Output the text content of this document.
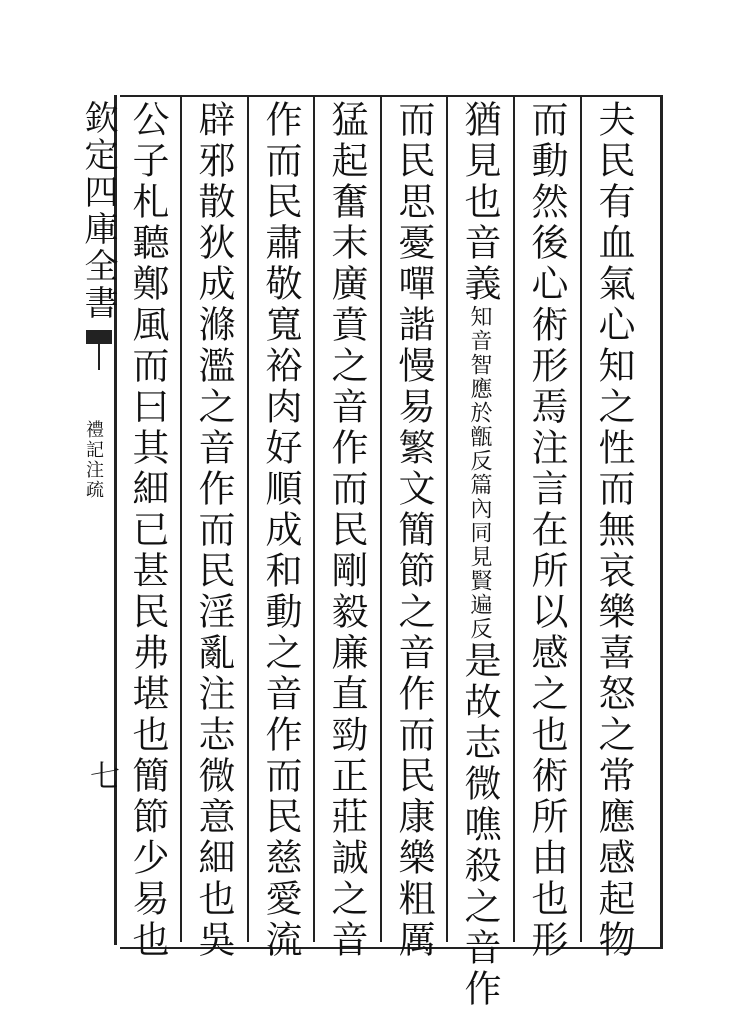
欽定四庫全書
禮記注疏
七	夫民有血氣心知之性而無哀樂喜怒之常應感起物
而動然後心術形焉注言在所以感之也術所由也形
猶見也音義知音智應於甑反篇內同見賢遍反是故志微噍殺之音作
而民思憂嘽諧慢易繁文簡節之音作而民康樂粗厲
猛起奮末廣賁之音作而民剛毅廉直勁正莊誠之音
作而民肅敬寬裕肉好順成和動之音作而民慈愛流
辟邪散狄成滌濫之音作而民淫亂注志微意細也吳
公子札聽鄭風而曰其細已甚民弗堪也簡節少易也
